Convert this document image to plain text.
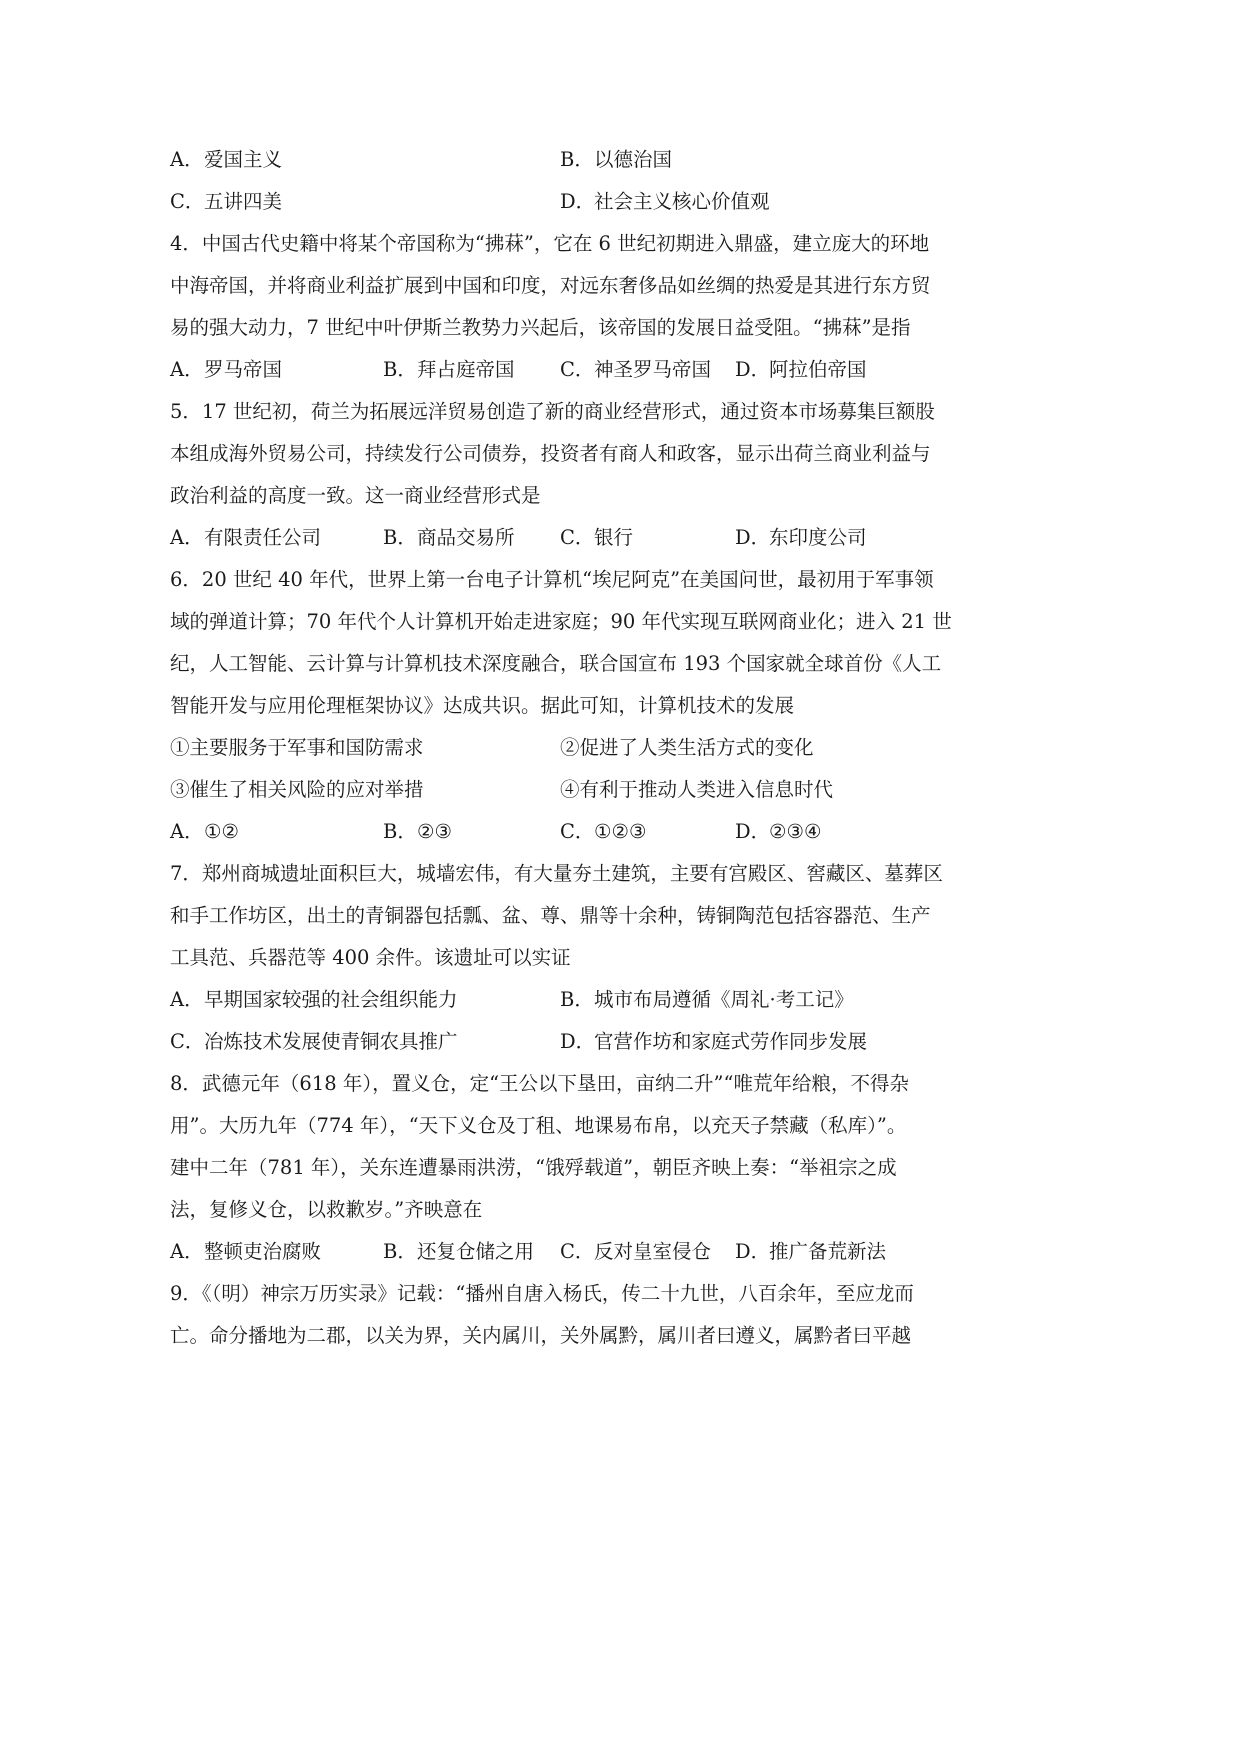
A．爱国主义	B．以德治国
C．五讲四美	D．社会主义核心价值观
4．中国古代史籍中将某个帝国称为“拂菻”，它在 6 世纪初期进入鼎盛，建立庞大的环地
中海帝国，并将商业利益扩展到中国和印度，对远东奢侈品如丝绸的热爱是其进行东方贸
易的强大动力，7 世纪中叶伊斯兰教势力兴起后，该帝国的发展日益受阻。“拂菻”是指
A．罗马帝国	B．拜占庭帝国 C．神圣罗马帝国 D．阿拉伯帝国
5．17 世纪初，荷兰为拓展远洋贸易创造了新的商业经营形式，通过资本市场募集巨额股
本组成海外贸易公司，持续发行公司债券，投资者有商人和政客，显示出荷兰商业利益与
政治利益的高度一致。这一商业经营形式是
A．有限责任公司	B．商品交易所 C．银行	D．东印度公司
6．20 世纪 40 年代，世界上第一台电子计算机“埃尼阿克”在美国问世，最初用于军事领
域的弹道计算；70 年代个人计算机开始走进家庭；90 年代实现互联网商业化；进入 21 世
纪，人工智能、云计算与计算机技术深度融合，联合国宣布 193 个国家就全球首份《人工
智能开发与应用伦理框架协议》达成共识。据此可知，计算机技术的发展
①主要服务于军事和国防需求	②促进了人类生活方式的变化
③催生了相关风险的应对举措	④有利于推动人类进入信息时代
A．①②	B．②③	C．①②③	D．②③④
7．郑州商城遗址面积巨大，城墙宏伟，有大量夯土建筑，主要有宫殿区、窖藏区、墓葬区
和手工作坊区，出土的青铜器包括瓢、盆、尊、鼎等十余种，铸铜陶范包括容器范、生产
工具范、兵器范等 400 余件。该遗址可以实证
A．早期国家较强的社会组织能力	B．城市布局遵循《周礼·考工记》
C．冶炼技术发展使青铜农具推广	D．官营作坊和家庭式劳作同步发展
8．武德元年（618 年），置义仓，定“王公以下垦田，亩纳二升”“唯荒年给粮，不得杂
用”。大历九年（774 年），“天下义仓及丁租、地课易布帛，以充天子禁藏（私库）”。
建中二年（781 年），关东连遭暴雨洪涝，“饿殍载道”，朝臣齐映上奏：“举祖宗之成
法，复修义仓，以救歉岁。”齐映意在
A．整顿吏治腐败	B．还复仓储之用 C．反对皇室侵仓 D．推广备荒新法
9．《（明）神宗万历实录》记载：“播州自唐入杨氏，传二十九世，八百余年，至应龙而
亡。命分播地为二郡，以关为界，关内属川，关外属黔，属川者曰遵义，属黔者曰平越
